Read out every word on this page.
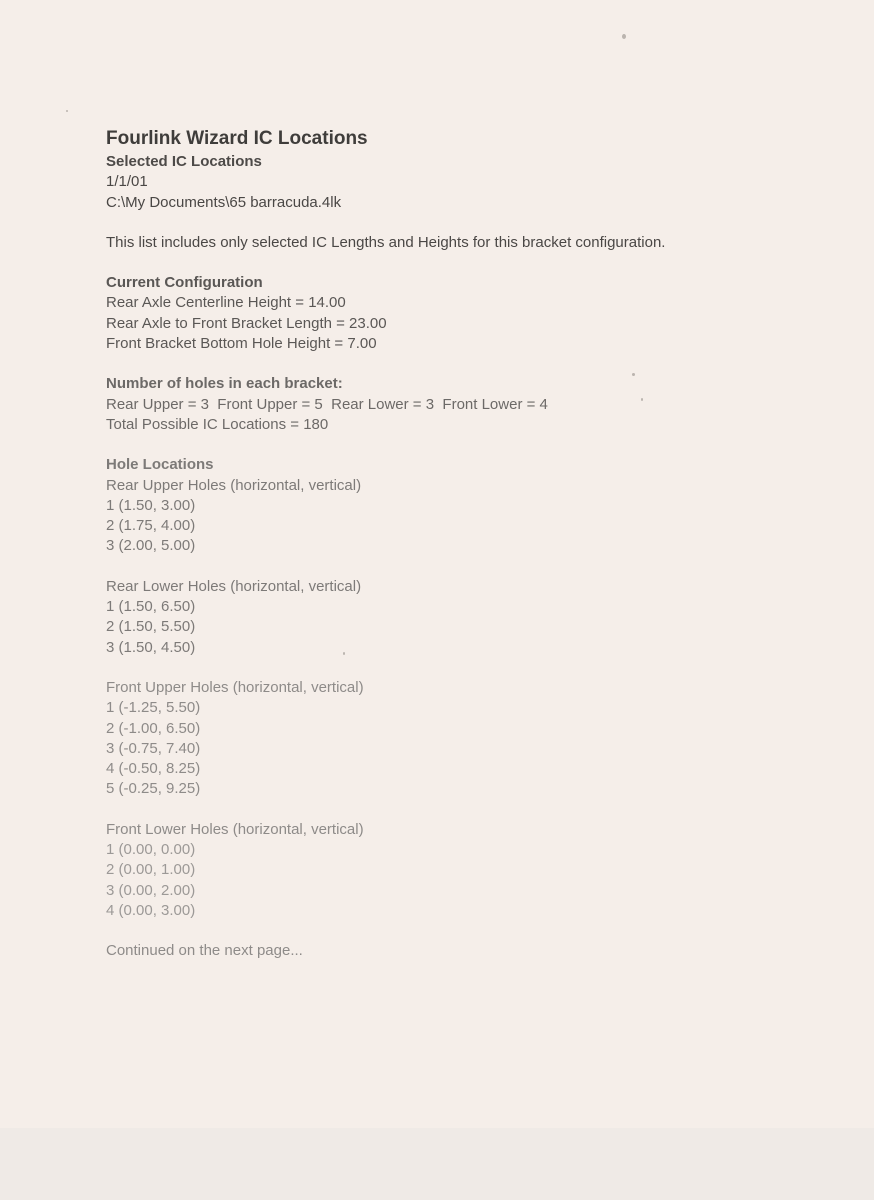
Fourlink Wizard IC Locations
Selected IC Locations
1/1/01
C:\My Documents\65 barracuda.4lk
This list includes only selected IC Lengths and Heights for this bracket configuration.
Current Configuration
Rear Axle Centerline Height = 14.00
Rear Axle to Front Bracket Length = 23.00
Front Bracket Bottom Hole Height = 7.00
Number of holes in each bracket:
Rear Upper = 3  Front Upper = 5  Rear Lower = 3  Front Lower = 4
Total Possible IC Locations = 180
Hole Locations
Rear Upper Holes (horizontal, vertical)
1 (1.50, 3.00)
2 (1.75, 4.00)
3 (2.00, 5.00)
Rear Lower Holes (horizontal, vertical)
1 (1.50, 6.50)
2 (1.50, 5.50)
3 (1.50, 4.50)
Front Upper Holes (horizontal, vertical)
1 (-1.25, 5.50)
2 (-1.00, 6.50)
3 (-0.75, 7.40)
4 (-0.50, 8.25)
5 (-0.25, 9.25)
Front Lower Holes (horizontal, vertical)
1 (0.00, 0.00)
2 (0.00, 1.00)
3 (0.00, 2.00)
4 (0.00, 3.00)
Continued on the next page...
